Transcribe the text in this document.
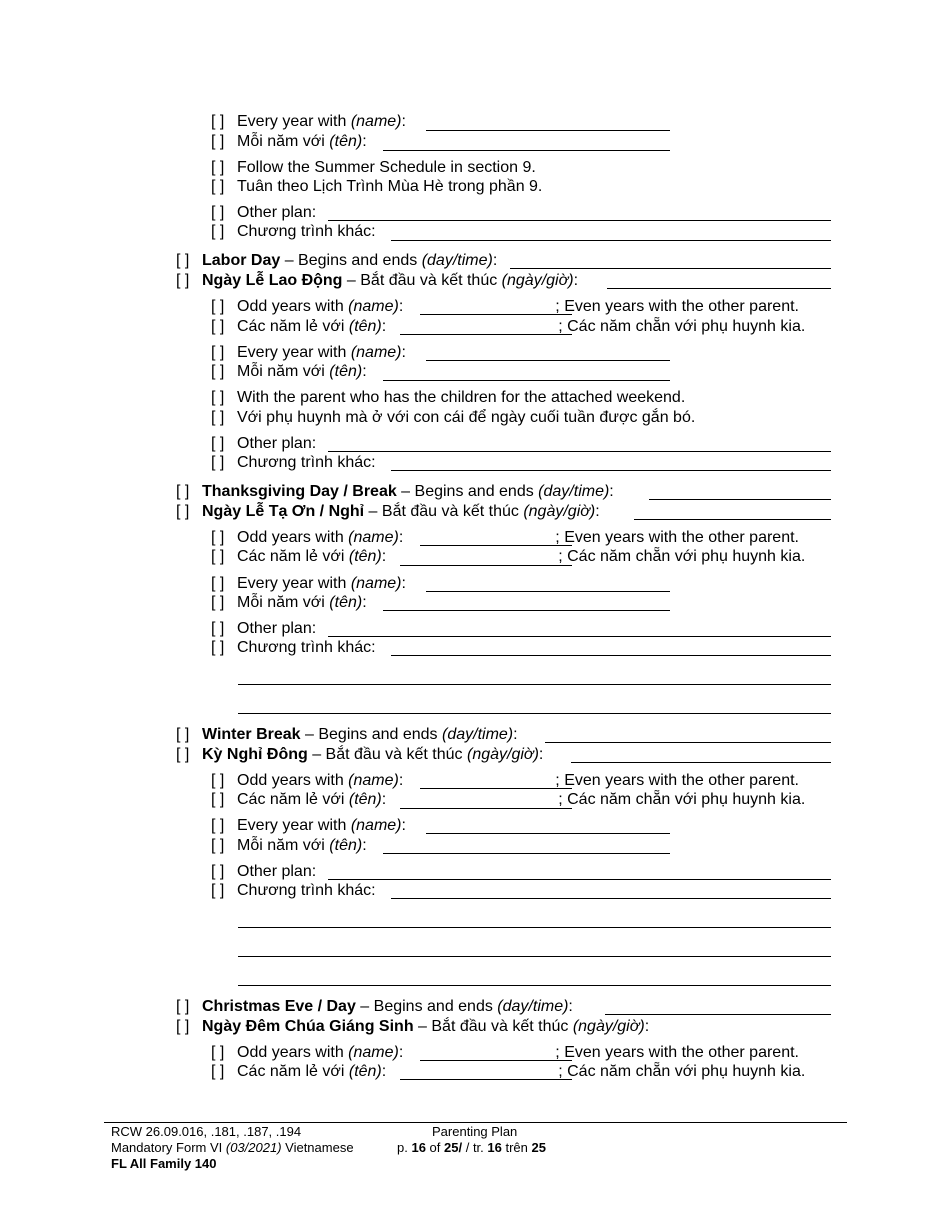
[ ] Every year with (name):
[ ] Mỗi năm với (tên):
[ ] Follow the Summer Schedule in section 9.
[ ] Tuân theo Lịch Trình Mùa Hè trong phần 9.
[ ] Other plan:
[ ] Chương trình khác:
[ ] Labor Day – Begins and ends (day/time):
[ ] Ngày Lễ Lao Động – Bắt đầu và kết thúc (ngày/giờ):
[ ] Odd years with (name):	; Even years with the other parent.
[ ] Các năm lẻ với (tên):	; Các năm chẵn với phụ huynh kia.
[ ] Every year with (name):
[ ] Mỗi năm với (tên):
[ ] With the parent who has the children for the attached weekend.
[ ] Với phụ huynh mà ở với con cái để ngày cuối tuần được gắn bó.
[ ] Other plan:
[ ] Chương trình khác:
[ ] Thanksgiving Day / Break – Begins and ends (day/time):
[ ] Ngày Lễ Tạ Ơn / Nghỉ – Bắt đầu và kết thúc (ngày/giờ):
[ ] Odd years with (name):	; Even years with the other parent.
[ ] Các năm lẻ với (tên):	; Các năm chẵn với phụ huynh kia.
[ ] Every year with (name):
[ ] Mỗi năm với (tên):
[ ] Other plan:
[ ] Chương trình khác:
[ ] Winter Break – Begins and ends (day/time):
[ ] Kỳ Nghỉ Đông – Bắt đầu và kết thúc (ngày/giờ):
[ ] Odd years with (name):	; Even years with the other parent.
[ ] Các năm lẻ với (tên):	; Các năm chẵn với phụ huynh kia.
[ ] Every year with (name):
[ ] Mỗi năm với (tên):
[ ] Other plan:
[ ] Chương trình khác:
[ ] Christmas Eve / Day – Begins and ends (day/time):
[ ] Ngày Đêm Chúa Giáng Sinh – Bắt đầu và kết thúc (ngày/giờ):
[ ] Odd years with (name):	; Even years with the other parent.
[ ] Các năm lẻ với (tên):	; Các năm chẵn với phụ huynh kia.
RCW 26.09.016, .181, .187, .194
Mandatory Form VI (03/2021) Vietnamese
FL All Family 140
Parenting Plan
p. 16 of 25/ / tr. 16 trên 25
